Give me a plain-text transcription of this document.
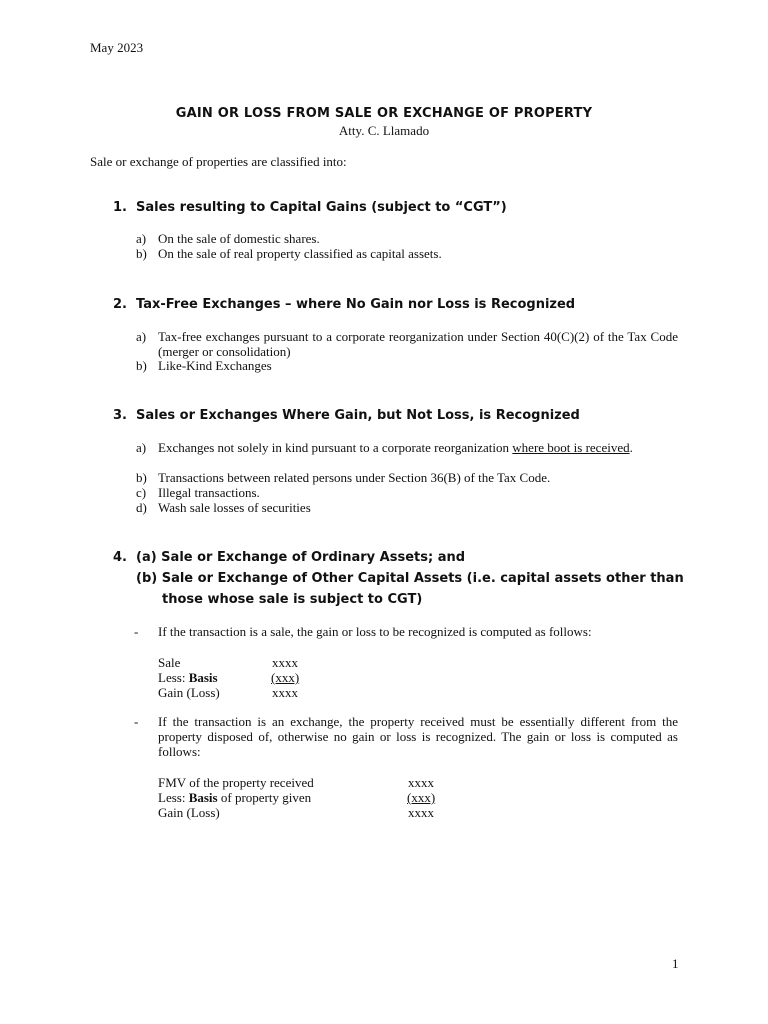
May 2023
GAIN OR LOSS FROM SALE OR EXCHANGE OF PROPERTY
Atty. C. Llamado
Sale or exchange of properties are classified into:
1. Sales resulting to Capital Gains (subject to “CGT”)
a) On the sale of domestic shares.
b) On the sale of real property classified as capital assets.
2. Tax-Free Exchanges – where No Gain nor Loss is Recognized
a) Tax-free exchanges pursuant to a corporate reorganization under Section 40(C)(2) of the Tax Code (merger or consolidation)
b) Like-Kind Exchanges
3. Sales or Exchanges Where Gain, but Not Loss, is Recognized
a) Exchanges not solely in kind pursuant to a corporate reorganization where boot is received.
b) Transactions between related persons under Section 36(B) of the Tax Code.
c) Illegal transactions.
d) Wash sale losses of securities
4. (a) Sale or Exchange of Ordinary Assets; and
(b) Sale or Exchange of Other Capital Assets (i.e. capital assets other than
those whose sale is subject to CGT)
- If the transaction is a sale, the gain or loss to be recognized is computed as follows:
Sale	xxxx
Less: Basis	(xxx)
Gain (Loss)	xxxx
- If the transaction is an exchange, the property received must be essentially different from the property disposed of, otherwise no gain or loss is recognized. The gain or loss is computed as follows:
FMV of the property received	xxxx
Less: Basis of property given	(xxx)
Gain (Loss)	xxxx
1
